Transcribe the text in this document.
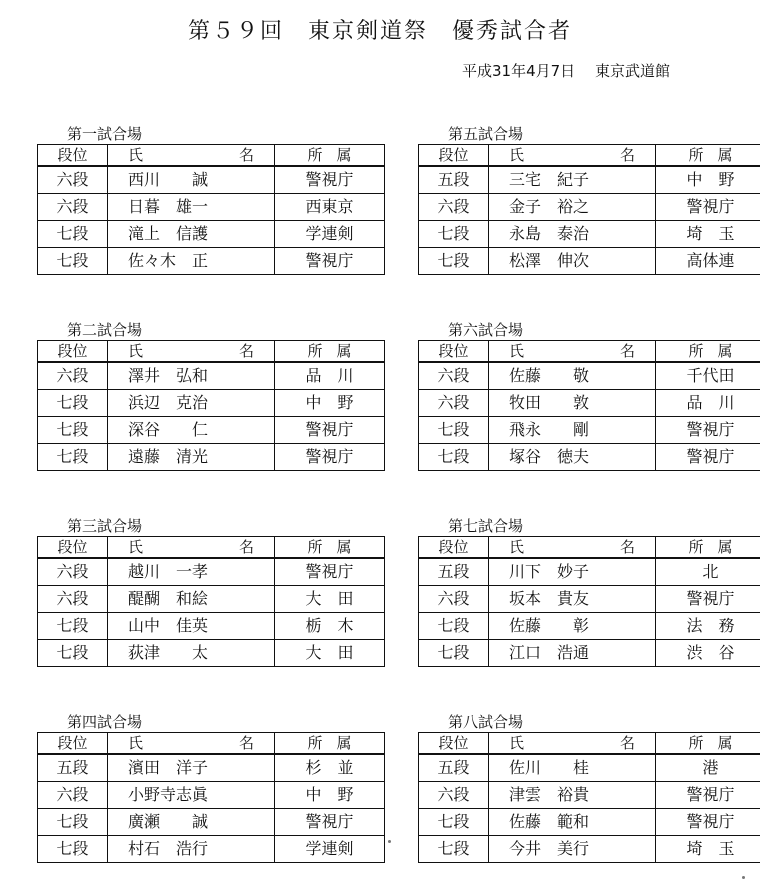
第５９回　東京剣道祭　優秀試合者
平成31年4月7日　 東京武道館
第一試合場
段位	氏 名	所属
六段	西川　　誠	警視庁
六段	日暮　雄一	西東京
七段	滝上　信護	学連剣
七段	佐々木　正	警視庁
第五試合場
段位	氏 名	所属
五段	三宅　紀子	中　野
六段	金子　裕之	警視庁
七段	永島　泰治	埼　玉
七段	松澤　伸次	高体連
第二試合場
段位	氏 名	所属
六段	澤井　弘和	品　川
七段	浜辺　克治	中　野
七段	深谷　　仁	警視庁
七段	遠藤　清光	警視庁
第六試合場
段位	氏 名	所属
六段	佐藤　　敬	千代田
六段	牧田　　敦	品　川
七段	飛永　　剛	警視庁
七段	塚谷　徳夫	警視庁
第三試合場
段位	氏 名	所属
六段	越川　一孝	警視庁
六段	醍醐　和絵	大　田
七段	山中　佳英	栃　木
七段	荻津　　太	大　田
第七試合場
段位	氏 名	所属
五段	川下　妙子	北
六段	坂本　貴友	警視庁
七段	佐藤　　彰	法　務
七段	江口　浩通	渋　谷
第四試合場
段位	氏 名	所属
五段	濱田　洋子	杉　並
六段	小野寺志眞	中　野
七段	廣瀬　　誠	警視庁
七段	村石　浩行	学連剣
第八試合場
段位	氏 名	所属
五段	佐川　　桂	港
六段	津雲　裕貴	警視庁
七段	佐藤　範和	警視庁
七段	今井　美行	埼　玉
